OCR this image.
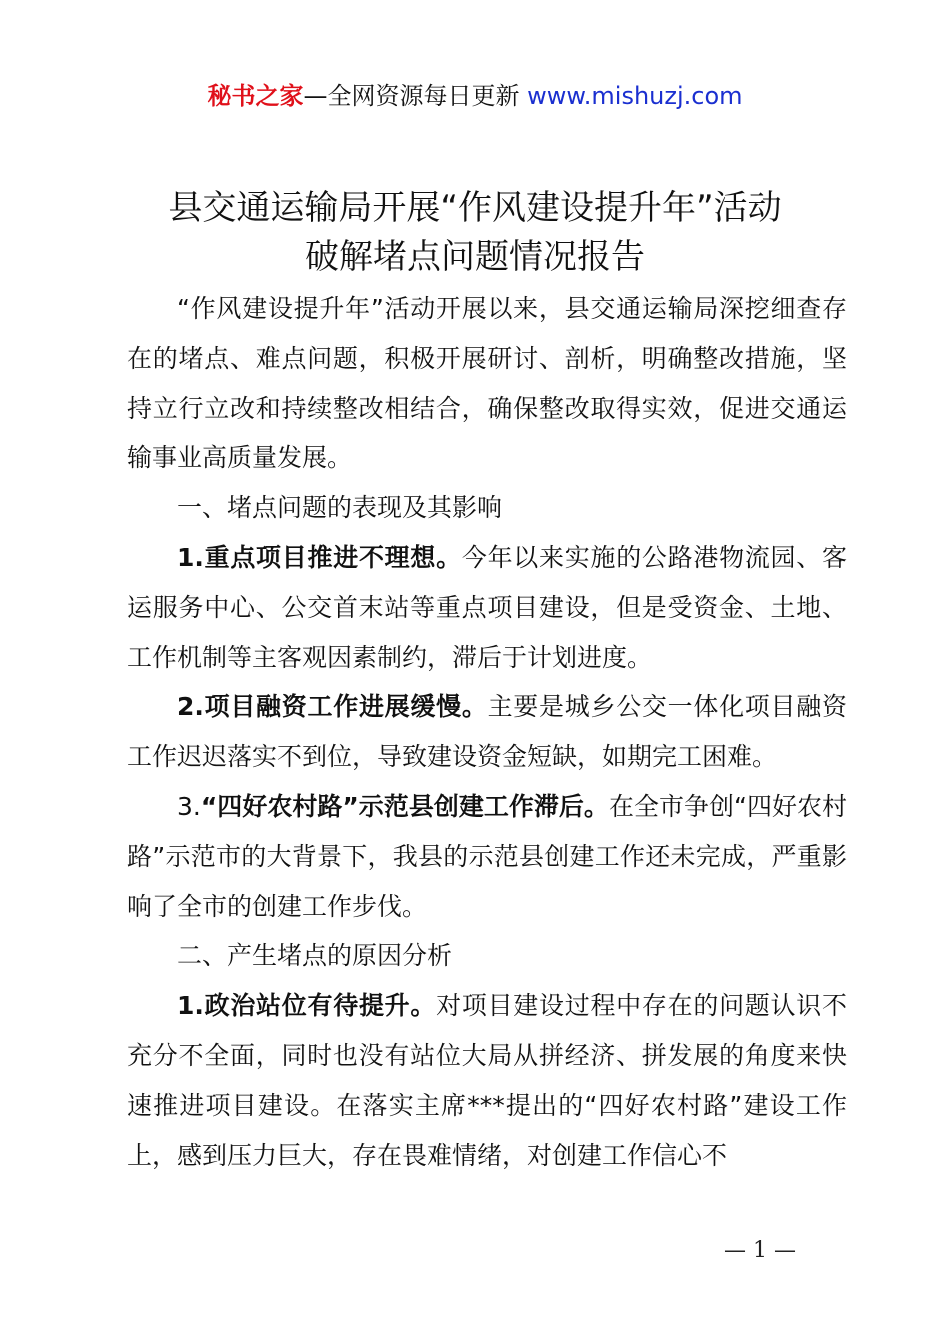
秘书之家—全网资源每日更新 www.mishuzj.com
县交通运输局开展“作风建设提升年”活动
破解堵点问题情况报告

“作风建设提升年”活动开展以来，县交通运输局深挖细查存在的堵点、难点问题，积极开展研讨、剖析，明确整改措施，坚持立行立改和持续整改相结合，确保整改取得实效，促进交通运输事业高质量发展。

一、堵点问题的表现及其影响

1.重点项目推进不理想。今年以来实施的公路港物流园、客运服务中心、公交首末站等重点项目建设，但是受资金、土地、工作机制等主客观因素制约，滞后于计划进度。

2.项目融资工作进展缓慢。主要是城乡公交一体化项目融资工作迟迟落实不到位，导致建设资金短缺，如期完工困难。

3.“四好农村路”示范县创建工作滞后。在全市争创“四好农村路”示范市的大背景下，我县的示范县创建工作还未完成，严重影响了全市的创建工作步伐。

二、产生堵点的原因分析

1.政治站位有待提升。对项目建设过程中存在的问题认识不充分不全面，同时也没有站位大局从拼经济、拼发展的角度来快速推进项目建设。在落实主席***提出的“四好农村路”建设工作上，感到压力巨大，存在畏难情绪，对创建工作信心不

— 1 —
